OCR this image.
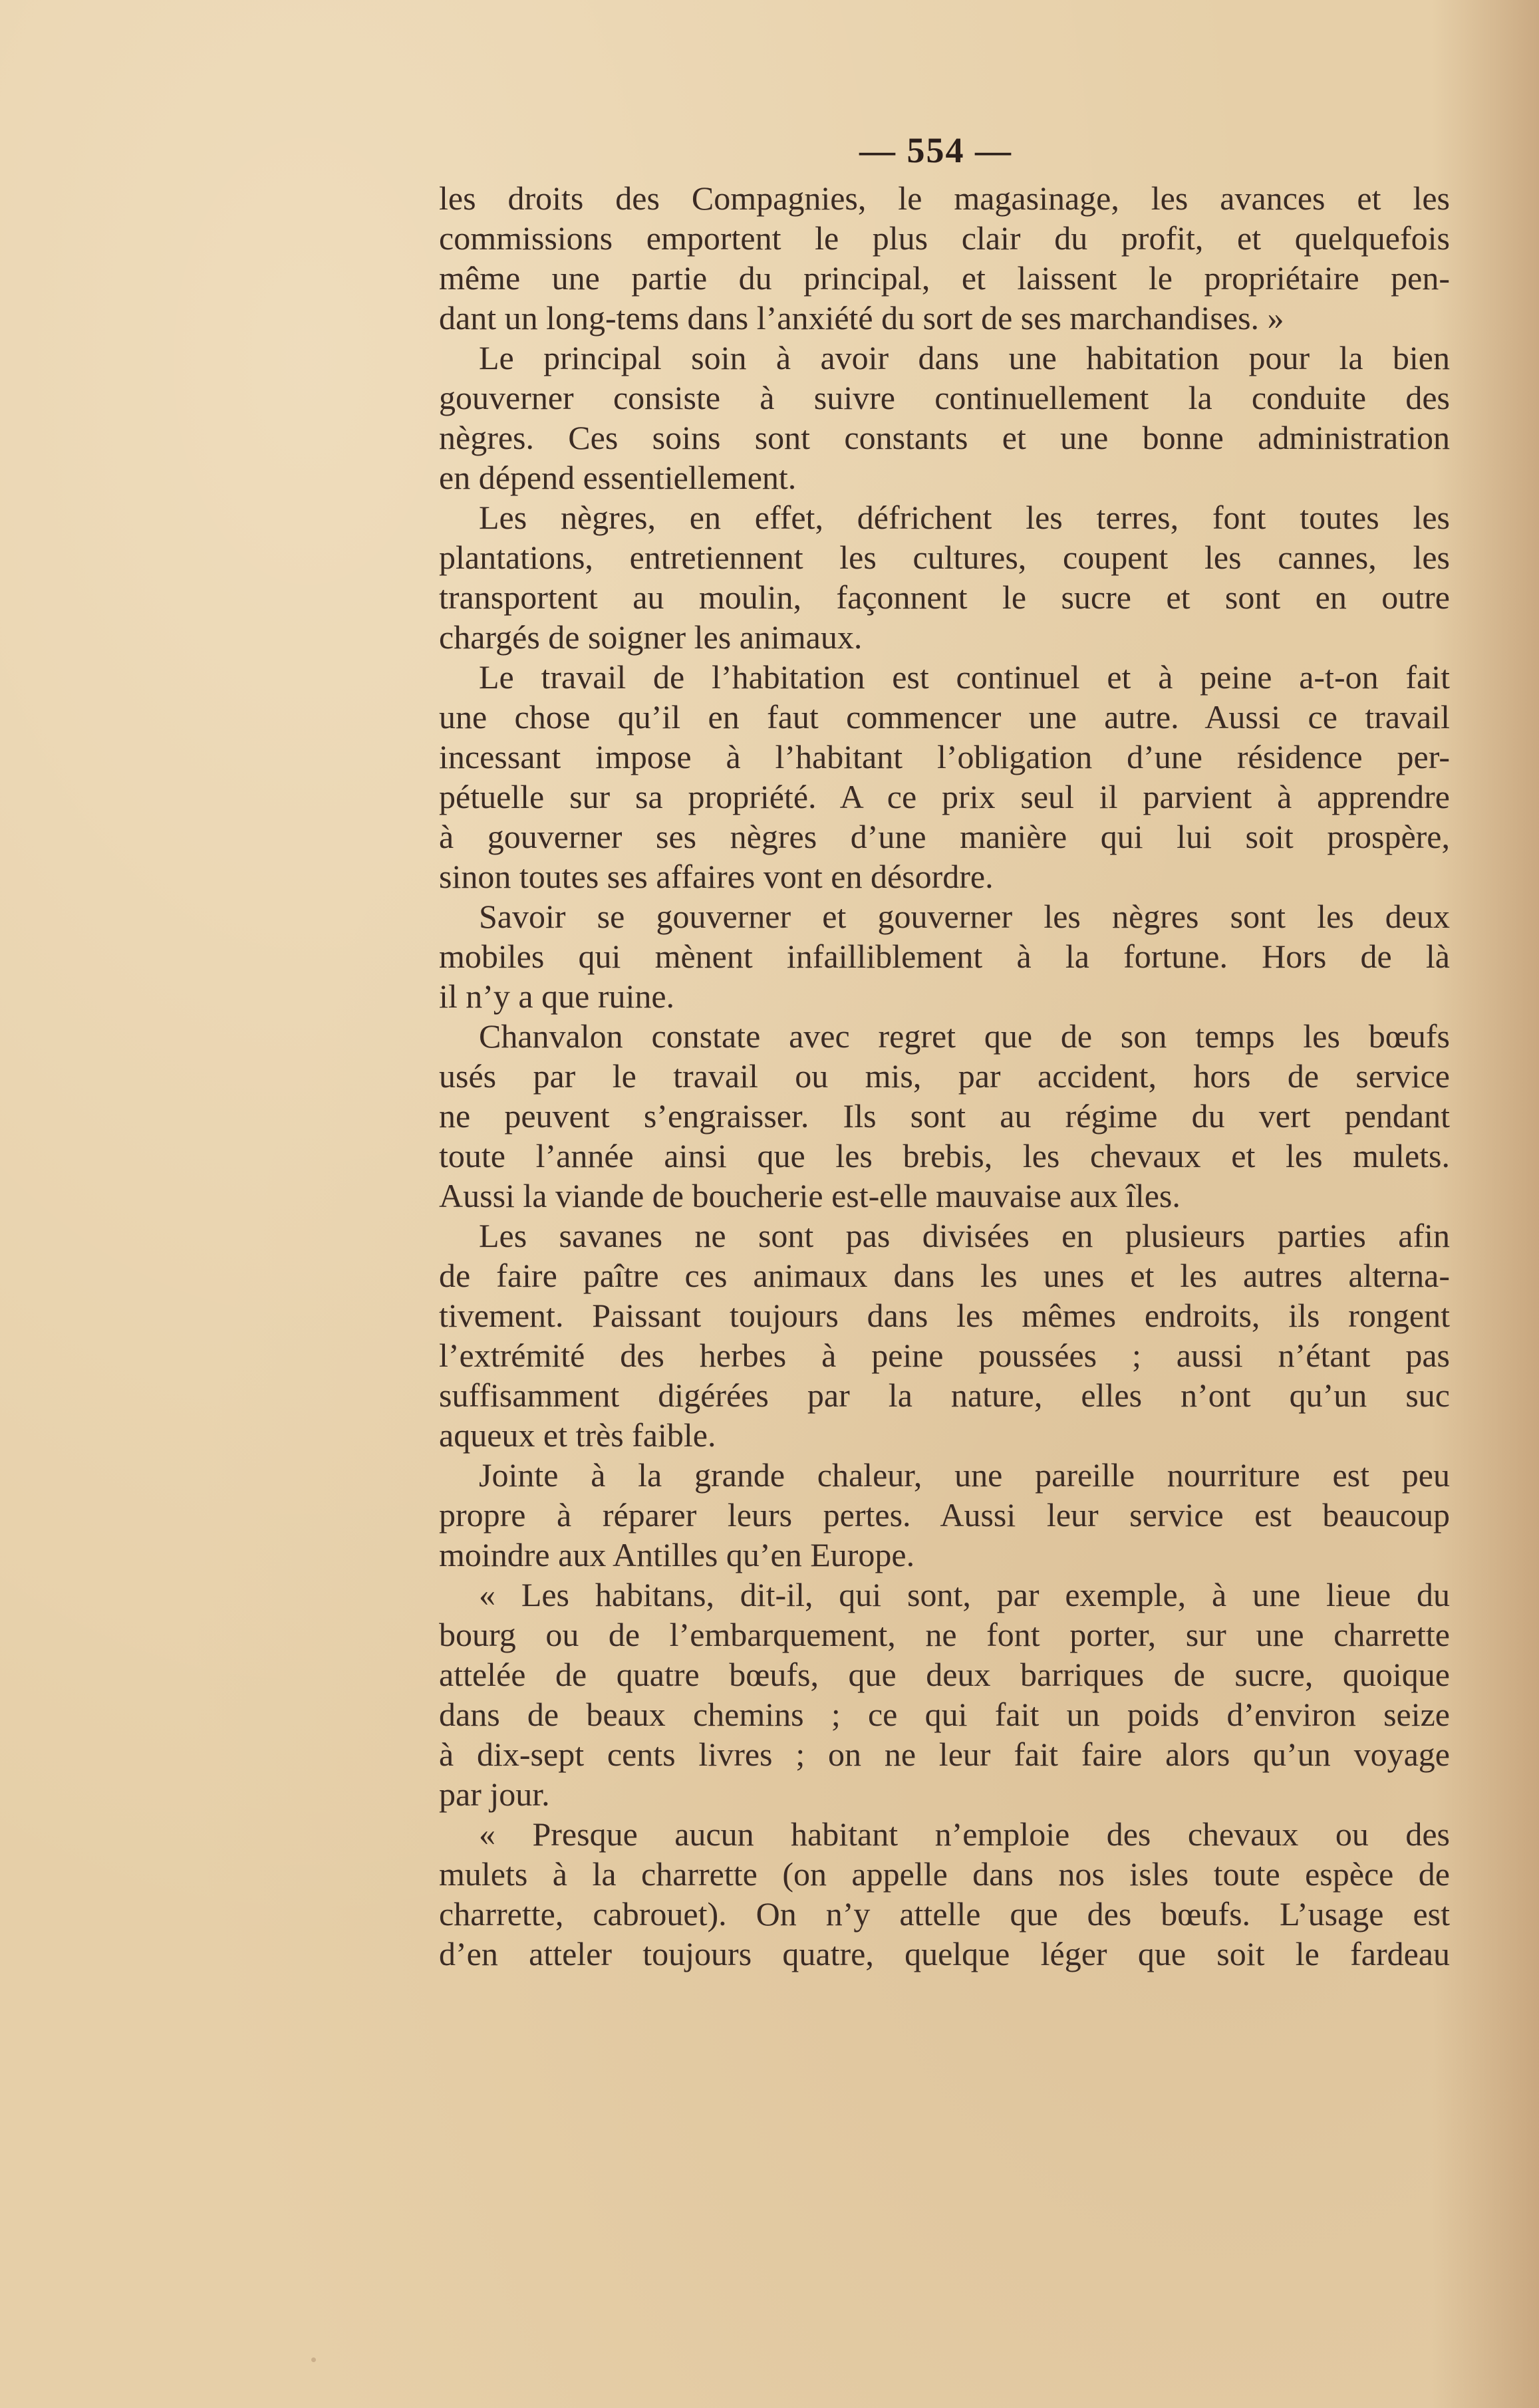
— 554 —
les droits des Compagnies, le magasinage, les avances et les
commissions emportent le plus clair du profit, et quelquefois
même une partie du principal, et laissent le propriétaire pen-
dant un long-tems dans l’anxiété du sort de ses marchandises. »
Le principal soin à avoir dans une habitation pour la bien
gouverner consiste à suivre continuellement la conduite des
nègres. Ces soins sont constants et une bonne administration
en dépend essentiellement.
Les nègres, en effet, défrichent les terres, font toutes les
plantations, entretiennent les cultures, coupent les cannes, les
transportent au moulin, façonnent le sucre et sont en outre
chargés de soigner les animaux.
Le travail de l’habitation est continuel et à peine a-t-on fait
une chose qu’il en faut commencer une autre. Aussi ce travail
incessant impose à l’habitant l’obligation d’une résidence per-
pétuelle sur sa propriété. A ce prix seul il parvient à apprendre
à gouverner ses nègres d’une manière qui lui soit prospère,
sinon toutes ses affaires vont en désordre.
Savoir se gouverner et gouverner les nègres sont les deux
mobiles qui mènent infailliblement à la fortune. Hors de là
il n’y a que ruine.
Chanvalon constate avec regret que de son temps les bœufs
usés par le travail ou mis, par accident, hors de service
ne peuvent s’engraisser. Ils sont au régime du vert pendant
toute l’année ainsi que les brebis, les chevaux et les mulets.
Aussi la viande de boucherie est-elle mauvaise aux îles.
Les savanes ne sont pas divisées en plusieurs parties afin
de faire paître ces animaux dans les unes et les autres alterna-
tivement. Paissant toujours dans les mêmes endroits, ils rongent
l’extrémité des herbes à peine poussées ; aussi n’étant pas
suffisamment digérées par la nature, elles n’ont qu’un suc
aqueux et très faible.
Jointe à la grande chaleur, une pareille nourriture est peu
propre à réparer leurs pertes. Aussi leur service est beaucoup
moindre aux Antilles qu’en Europe.
« Les habitans, dit-il, qui sont, par exemple, à une lieue du
bourg ou de l’embarquement, ne font porter, sur une charrette
attelée de quatre bœufs, que deux barriques de sucre, quoique
dans de beaux chemins ; ce qui fait un poids d’environ seize
à dix-sept cents livres ; on ne leur fait faire alors qu’un voyage
par jour.
« Presque aucun habitant n’emploie des chevaux ou des
mulets à la charrette (on appelle dans nos isles toute espèce de
charrette, cabrouet). On n’y attelle que des bœufs. L’usage est
d’en atteler toujours quatre, quelque léger que soit le fardeau
